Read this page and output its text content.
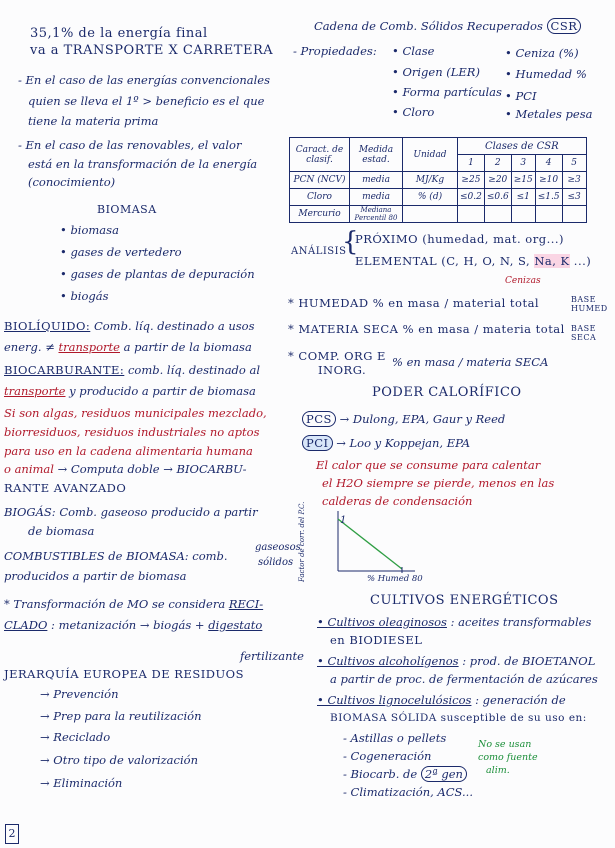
35,1% de la energía final
va a TRANSPORTE X CARRETERA
- En el caso de las energías convencionales
quien se lleva el 1º > beneficio es el que
tiene la materia prima
- En el caso de las renovables, el valor
está en la transformación de la energía
(conocimiento)
BIOMASA
• biomasa
• gases de vertedero
• gases de plantas de depuración
• biogás
BIOLÍQUIDO: Comb. líq. destinado a usos
energ. ≠ transporte a partir de la biomasa
BIOCARBURANTE: comb. líq. destinado al
transporte y producido a partir de biomasa
Si son algas, residuos municipales mezclado,
biorresiduos, residuos industriales no aptos
para uso en la cadena alimentaria humana
o animal → Computa doble → BIOCARBU-
RANTE AVANZADO
BIOGÁS: Comb. gaseoso producido a partir
de biomasa
COMBUSTIBLES de BIOMASA: comb.
gaseosos
sólidos
producidos a partir de biomasa
* Transformación de MO se considera RECI-
CLADO : metanización → biogás + digestato
fertilizante
JERARQUÍA EUROPEA DE RESIDUOS
→ Prevención
→ Prep para la reutilización
→ Reciclado
→ Otro tipo de valorización
→ Eliminación
2
Cadena de Comb. Sólidos Recuperados CSR
- Propiedades: • Clase
• Origen (LER)
• Forma partículas
• Cloro
• Ceniza (%)
• Humedad %
• PCI
• Metales pesa
Caract. de clasif.	Medida estad.	Unidad	Clases de CSR				
			1	2	3	4	5
PCN (NCV)	media	MJ/Kg	≥25	≥20	≥15	≥10	≥3
Cloro	media	% (d)	≤0.2	≤0.6	≤1	≤1.5	≤3
Mercurio	Mediana Percentil 80						
ANÁLISIS
{
PRÓXIMO (humedad, mat. org...)
ELEMENTAL (C, H, O, N, S, Na, K ...)
Cenizas
* HUMEDAD % en masa / material total	BASE HUMED
* MATERIA SECA % en masa / materia total BASE SECA
* COMP. ORG E
INORG.
% en masa / materia SECA
PODER CALORÍFICO
PCS → Dulong, EPA, Gaur y Reed
PCI → Loo y Koppejan, EPA
El calor que se consume para calentar
el H2O siempre se pierde, menos en las
calderas de condensación
1
Factor de corr. del P.C.	% Humed 80
CULTIVOS ENERGÉTICOS
• Cultivos oleaginosos : aceites transformables
en BIODIESEL
• Cultivos alcoholígenos : prod. de BIOETANOL
a partir de proc. de fermentación de azúcares
• Cultivos lignocelulósicos : generación de
BIOMASA SÓLIDA susceptible de su uso en:
- Astillas o pellets
- Cogeneración
- Biocarb. de 2ª gen
- Climatización, ACS...
No se usan
como fuente
alim.
